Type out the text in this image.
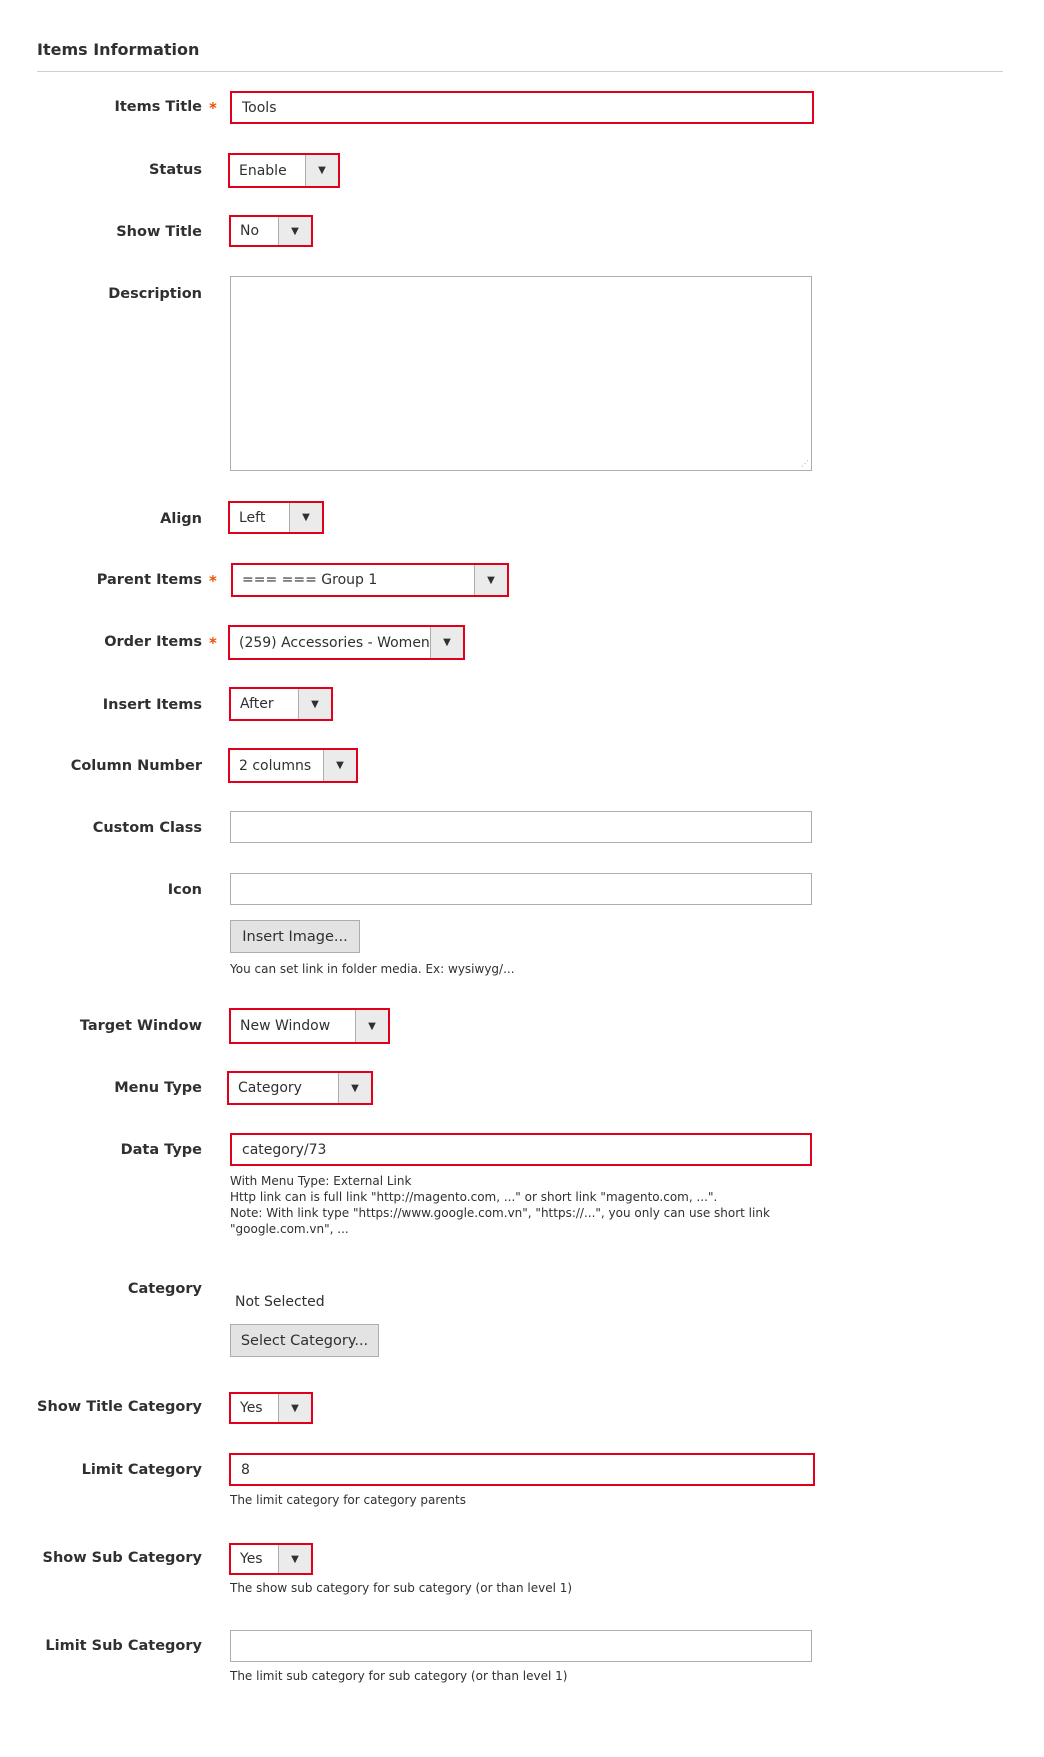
Items Information
Items Title *	Tools
Status	Enable	▼
Show Title	No	▼
Description
⋰
Align	Left	▼
Parent Items *	=== === Group 1	▼
Order Items *	(259) Accessories - Women	▼
Insert Items	After	▼
Column Number	2 columns	▼
Custom Class
Icon
Insert Image...
You can set link in folder media. Ex: wysiwyg/...
Target Window	New Window	▼
Menu Type	Category	▼
Data Type	category/73
With Menu Type: External Link
Http link can is full link "http://magento.com, ..." or short link "magento.com, ...".
Note: With link type "https://www.google.com.vn", "https://...", you only can use short link
"google.com.vn", ...
Category
Not Selected
Select Category...
Show Title Category	Yes	▼
Limit Category	8
The limit category for category parents
Show Sub Category	Yes	▼
The show sub category for sub category (or than level 1)
Limit Sub Category
The limit sub category for sub category (or than level 1)
